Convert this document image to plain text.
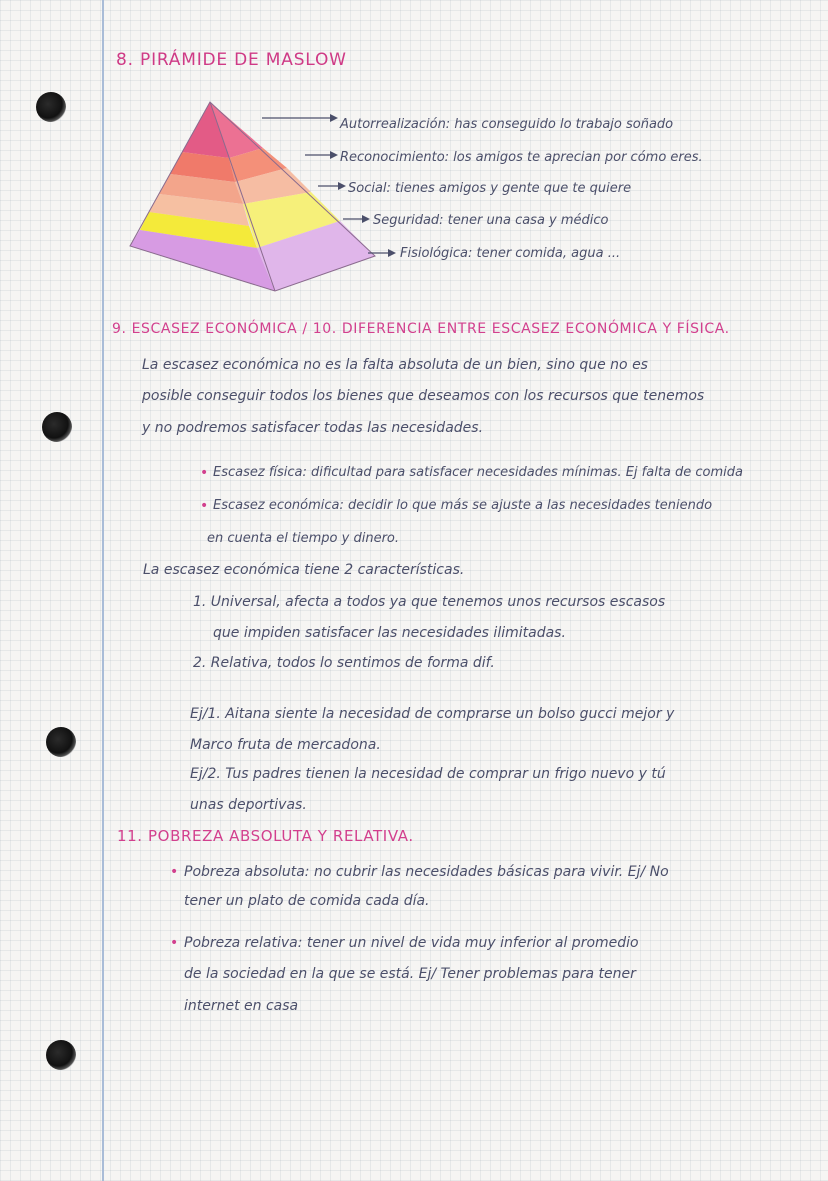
8. PIRÁMIDE DE MASLOW
Autorrealización: has conseguido lo trabajo soñado
Reconocimiento: los amigos te aprecian por cómo eres.
Social: tienes amigos y gente que te quiere
Seguridad: tener una casa y médico
Fisiológica: tener comida, agua ...
9. ESCASEZ ECONÓMICA / 10. DIFERENCIA ENTRE ESCASEZ ECONÓMICA Y FÍSICA.
La escasez económica no es la falta absoluta de un bien, sino que no es
posible conseguir todos los bienes que deseamos con los recursos que tenemos
y no podremos satisfacer todas las necesidades.
• Escasez física: dificultad para satisfacer necesidades mínimas. Ej falta de comida
• Escasez económica: decidir lo que más se ajuste a las necesidades teniendo
en cuenta el tiempo y dinero.
La escasez económica tiene 2 características.
1. Universal, afecta a todos ya que tenemos unos recursos escasos
que impiden satisfacer las necesidades ilimitadas.
2. Relativa, todos lo sentimos de forma dif.
Ej/1. Aitana siente la necesidad de comprarse un bolso gucci mejor y
Marco fruta de mercadona.
Ej/2. Tus padres tienen la necesidad de comprar un frigo nuevo y tú
unas deportivas.
11. POBREZA ABSOLUTA Y RELATIVA.
• Pobreza absoluta: no cubrir las necesidades básicas para vivir. Ej/ No
tener un plato de comida cada día.
• Pobreza relativa: tener un nivel de vida muy inferior al promedio
de la sociedad en la que se está. Ej/ Tener problemas para tener
internet en casa
